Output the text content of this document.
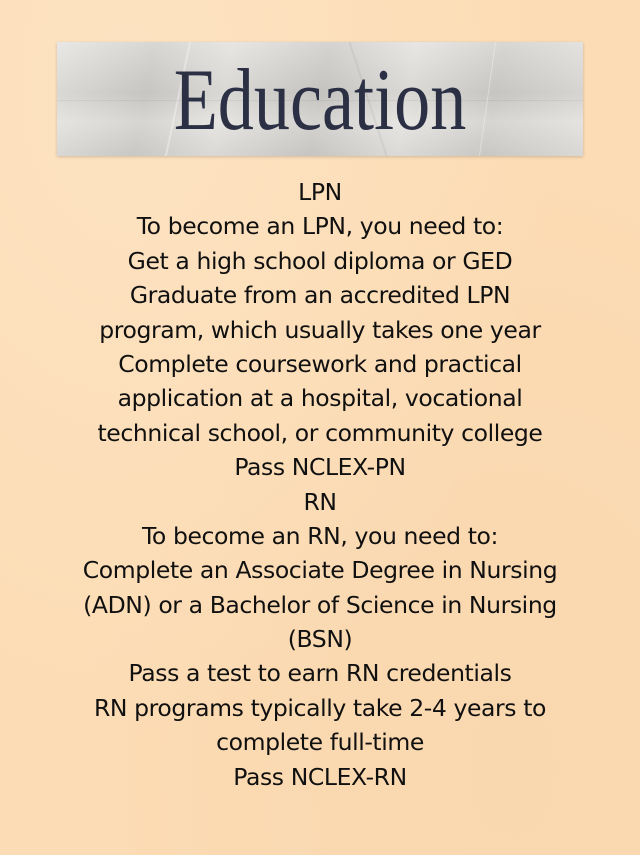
Education
LPN
To become an LPN, you need to:
Get a high school diploma or GED
Graduate from an accredited LPN
program, which usually takes one year
Complete coursework and practical
application at a hospital, vocational
technical school, or community college
Pass NCLEX-PN
RN
To become an RN, you need to:
Complete an Associate Degree in Nursing
(ADN) or a Bachelor of Science in Nursing
(BSN)
Pass a test to earn RN credentials
RN programs typically take 2-4 years to
complete full-time
Pass NCLEX-RN
